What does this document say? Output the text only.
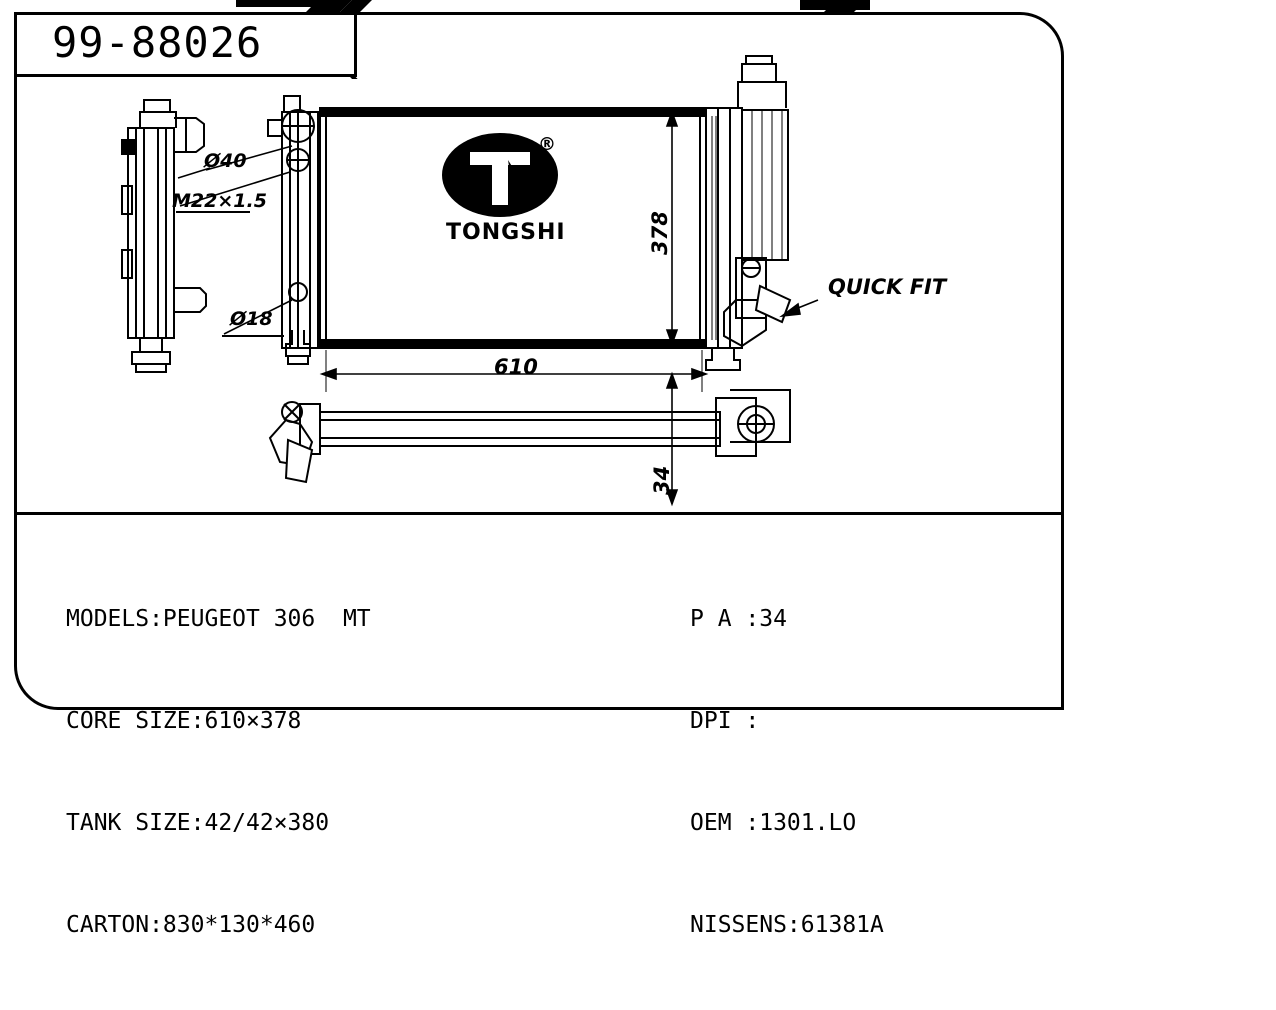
99-88026
TONGSHI
®
Ø40
M22×1.5
Ø18
QUICK FIT
378
610
34

MODELS:PEUGEOT 306  MT

CORE SIZE:610×378

TANK SIZE:42/42×380

CARTON:830*130*460

P A :34

DPI :

OEM :1301.LO

NISSENS:61381A
